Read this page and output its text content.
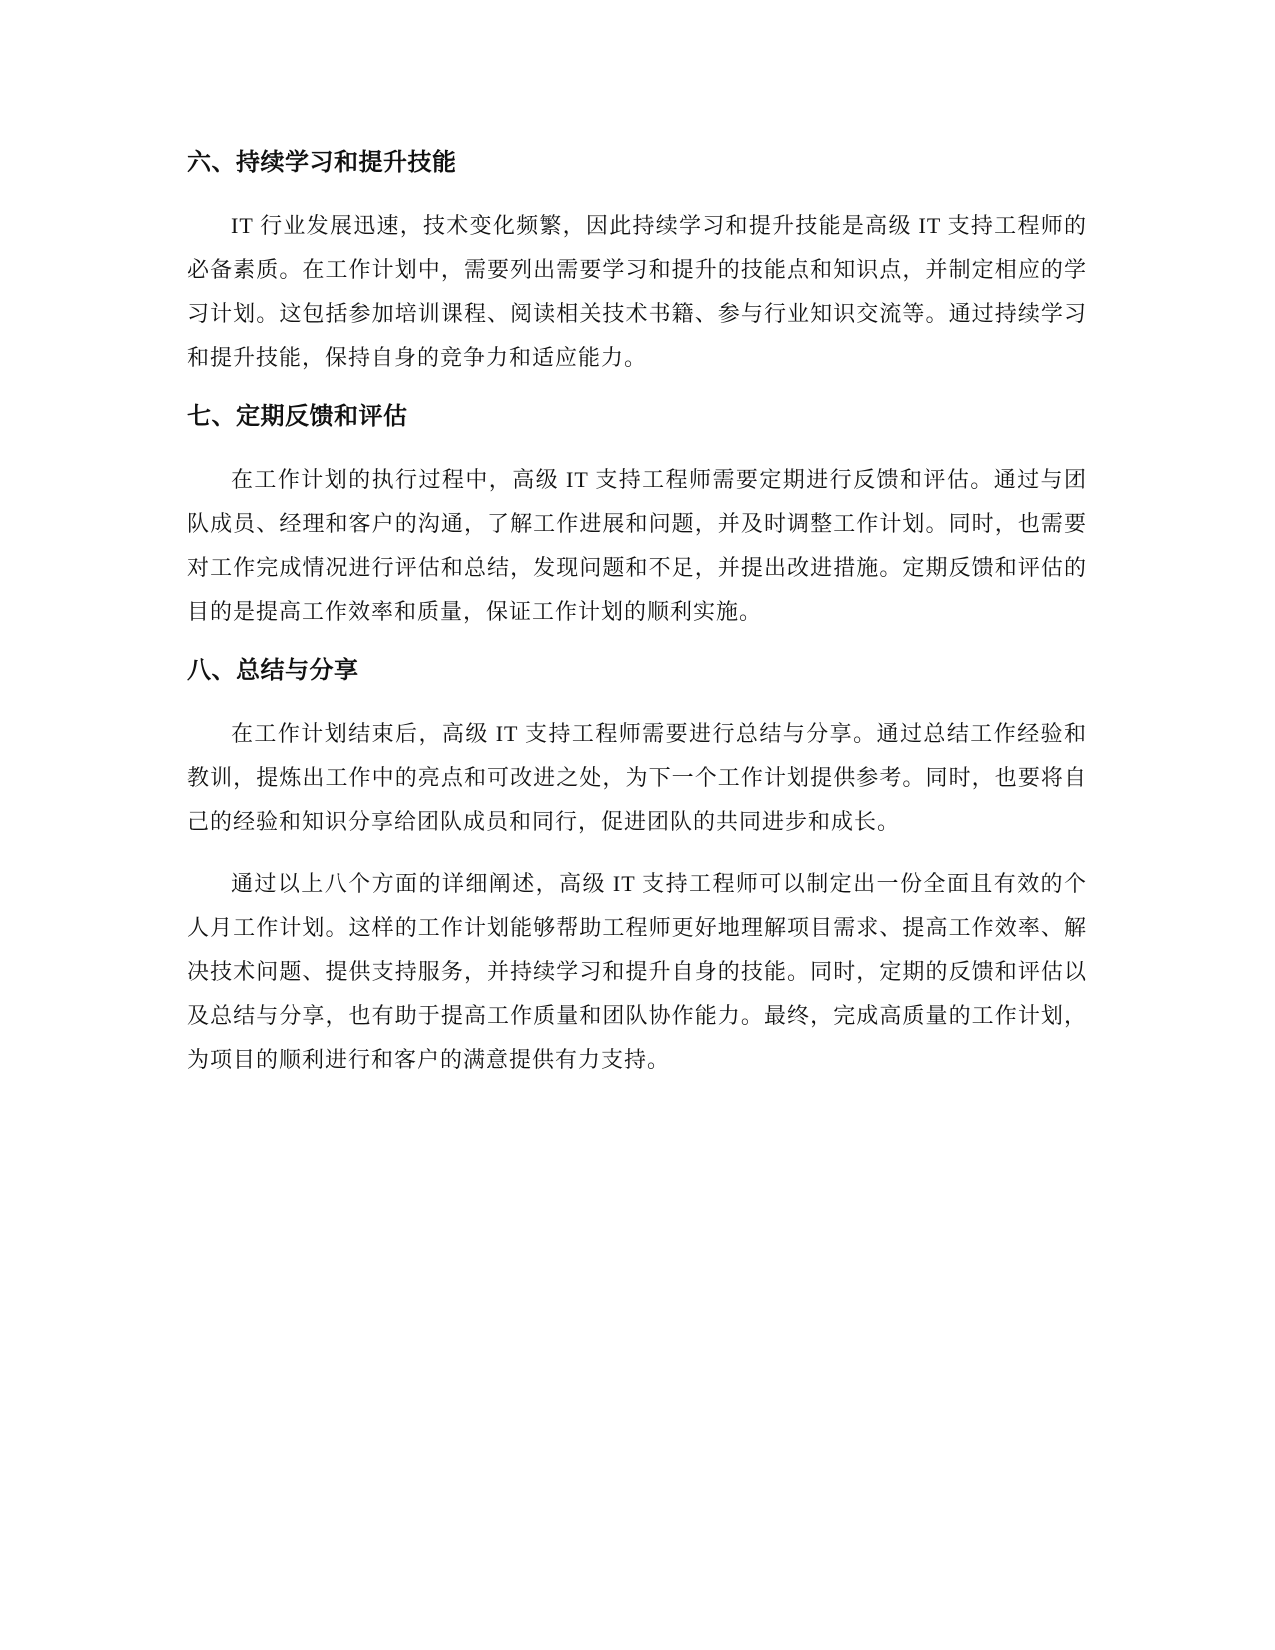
六、持续学习和提升技能

IT 行业发展迅速，技术变化频繁，因此持续学习和提升技能是高级 IT 支持工程师的必备素质。在工作计划中，需要列出需要学习和提升的技能点和知识点，并制定相应的学习计划。这包括参加培训课程、阅读相关技术书籍、参与行业知识交流等。通过持续学习和提升技能，保持自身的竞争力和适应能力。

七、定期反馈和评估

在工作计划的执行过程中，高级 IT 支持工程师需要定期进行反馈和评估。通过与团队成员、经理和客户的沟通，了解工作进展和问题，并及时调整工作计划。同时，也需要对工作完成情况进行评估和总结，发现问题和不足，并提出改进措施。定期反馈和评估的目的是提高工作效率和质量，保证工作计划的顺利实施。

八、总结与分享

在工作计划结束后，高级 IT 支持工程师需要进行总结与分享。通过总结工作经验和教训，提炼出工作中的亮点和可改进之处，为下一个工作计划提供参考。同时，也要将自己的经验和知识分享给团队成员和同行，促进团队的共同进步和成长。

通过以上八个方面的详细阐述，高级 IT 支持工程师可以制定出一份全面且有效的个人月工作计划。这样的工作计划能够帮助工程师更好地理解项目需求、提高工作效率、解决技术问题、提供支持服务，并持续学习和提升自身的技能。同时，定期的反馈和评估以及总结与分享，也有助于提高工作质量和团队协作能力。最终，完成高质量的工作计划，为项目的顺利进行和客户的满意提供有力支持。
